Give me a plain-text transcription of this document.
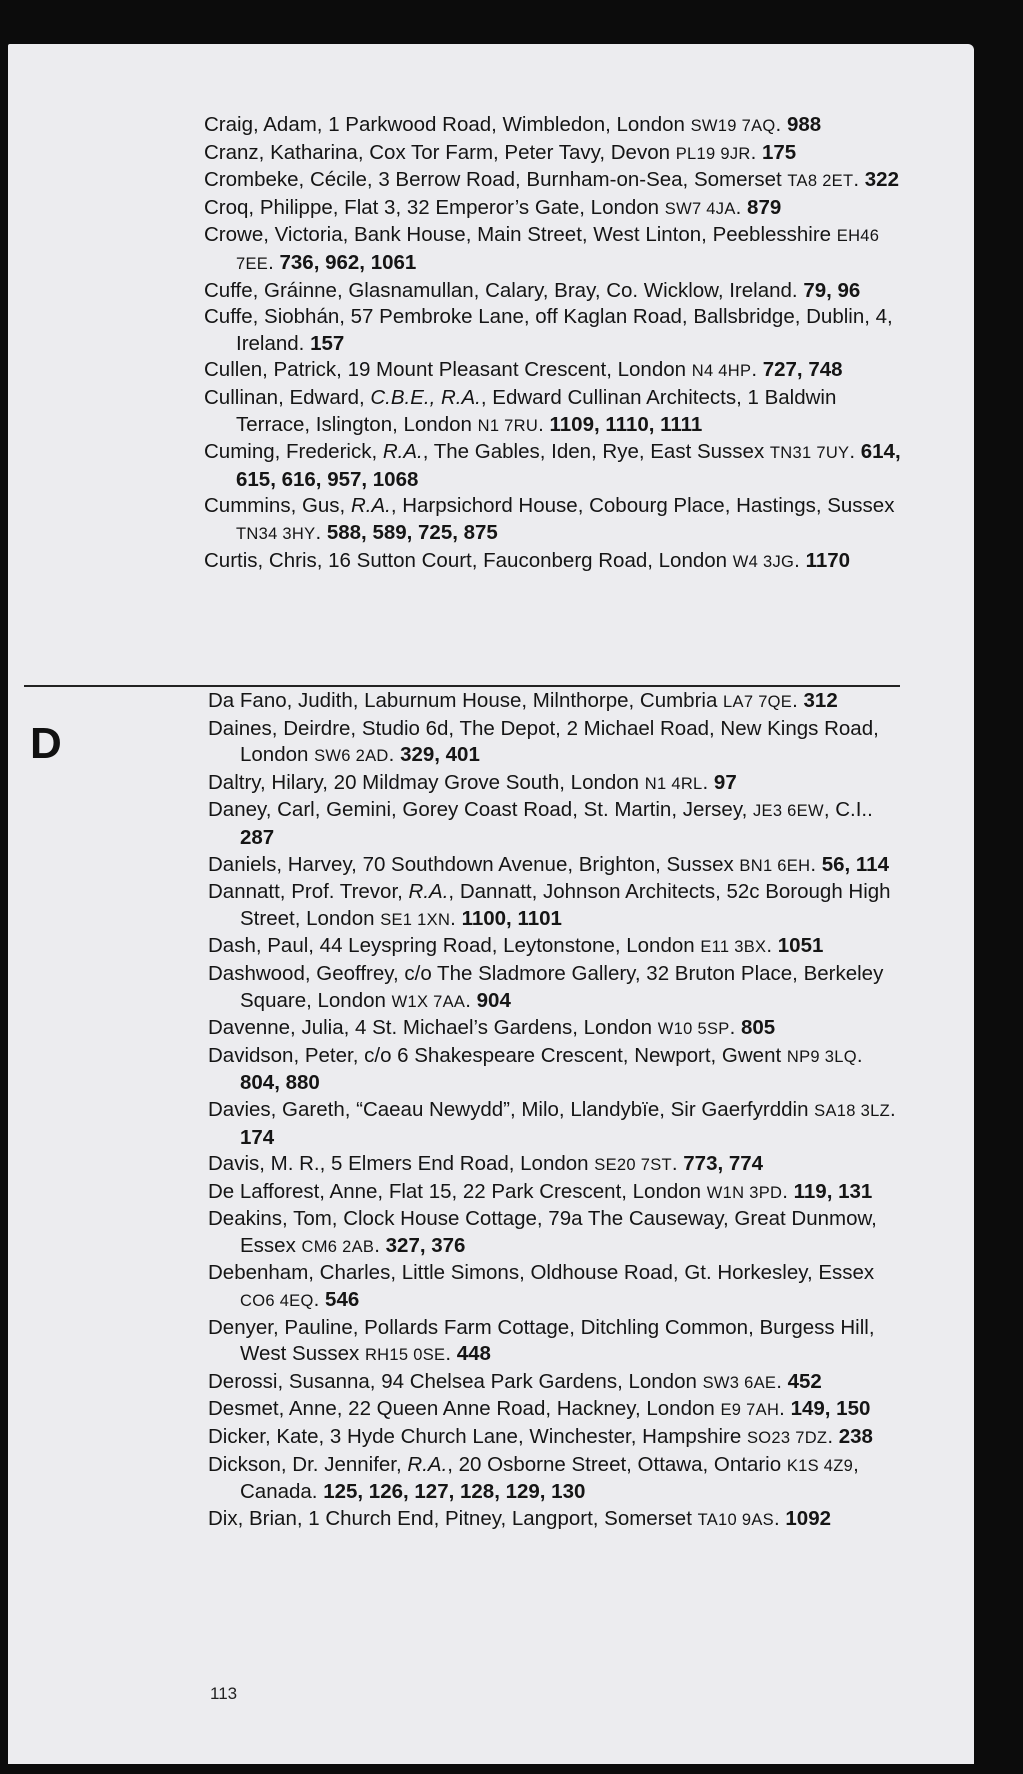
Craig, Adam, 1 Parkwood Road, Wimbledon, London SW19 7AQ. 988
Cranz, Katharina, Cox Tor Farm, Peter Tavy, Devon PL19 9JR. 175
Crombeke, Cécile, 3 Berrow Road, Burnham-on-Sea, Somerset TA8 2ET. 322
Croq, Philippe, Flat 3, 32 Emperor’s Gate, London SW7 4JA. 879
Crowe, Victoria, Bank House, Main Street, West Linton, Peeblesshire EH46 7EE. 736, 962, 1061
Cuffe, Gráinne, Glasnamullan, Calary, Bray, Co. Wicklow, Ireland. 79, 96
Cuffe, Siobhán, 57 Pembroke Lane, off Kaglan Road, Ballsbridge, Dublin, 4, Ireland. 157
Cullen, Patrick, 19 Mount Pleasant Crescent, London N4 4HP. 727, 748
Cullinan, Edward, C.B.E., R.A., Edward Cullinan Architects, 1 Baldwin Terrace, Islington, London N1 7RU. 1109, 1110, 1111
Cuming, Frederick, R.A., The Gables, Iden, Rye, East Sussex TN31 7UY. 614, 615, 616, 957, 1068
Cummins, Gus, R.A., Harpsichord House, Cobourg Place, Hastings, Sussex TN34 3HY. 588, 589, 725, 875
Curtis, Chris, 16 Sutton Court, Fauconberg Road, London W4 3JG. 1170
D
Da Fano, Judith, Laburnum House, Milnthorpe, Cumbria LA7 7QE. 312
Daines, Deirdre, Studio 6d, The Depot, 2 Michael Road, New Kings Road, London SW6 2AD. 329, 401
Daltry, Hilary, 20 Mildmay Grove South, London N1 4RL. 97
Daney, Carl, Gemini, Gorey Coast Road, St. Martin, Jersey, JE3 6EW, C.I.. 287
Daniels, Harvey, 70 Southdown Avenue, Brighton, Sussex BN1 6EH. 56, 114
Dannatt, Prof. Trevor, R.A., Dannatt, Johnson Architects, 52c Borough High Street, London SE1 1XN. 1100, 1101
Dash, Paul, 44 Leyspring Road, Leytonstone, London E11 3BX. 1051
Dashwood, Geoffrey, c/o The Sladmore Gallery, 32 Bruton Place, Berkeley Square, London W1X 7AA. 904
Davenne, Julia, 4 St. Michael’s Gardens, London W10 5SP. 805
Davidson, Peter, c/o 6 Shakespeare Crescent, Newport, Gwent NP9 3LQ. 804, 880
Davies, Gareth, “Caeau Newydd”, Milo, Llandybïe, Sir Gaerfyrddin SA18 3LZ. 174
Davis, M. R., 5 Elmers End Road, London SE20 7ST. 773, 774
De Lafforest, Anne, Flat 15, 22 Park Crescent, London W1N 3PD. 119, 131
Deakins, Tom, Clock House Cottage, 79a The Causeway, Great Dunmow, Essex CM6 2AB. 327, 376
Debenham, Charles, Little Simons, Oldhouse Road, Gt. Horkesley, Essex CO6 4EQ. 546
Denyer, Pauline, Pollards Farm Cottage, Ditchling Common, Burgess Hill, West Sussex RH15 0SE. 448
Derossi, Susanna, 94 Chelsea Park Gardens, London SW3 6AE. 452
Desmet, Anne, 22 Queen Anne Road, Hackney, London E9 7AH. 149, 150
Dicker, Kate, 3 Hyde Church Lane, Winchester, Hampshire SO23 7DZ. 238
Dickson, Dr. Jennifer, R.A., 20 Osborne Street, Ottawa, Ontario K1S 4Z9, Canada. 125, 126, 127, 128, 129, 130
Dix, Brian, 1 Church End, Pitney, Langport, Somerset TA10 9AS. 1092
113
